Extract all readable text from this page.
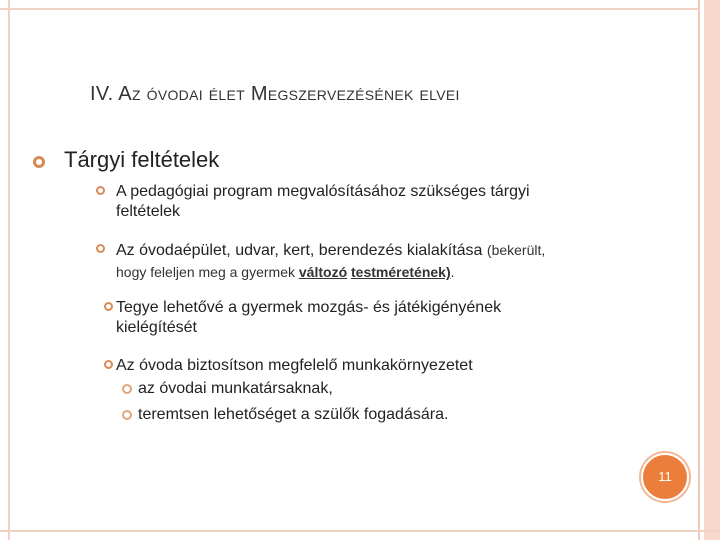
IV. AZ ÓVODAI ÉLET MEGSZERVEZÉSÉNEK ELVEI
Tárgyi feltételek
A pedagógiai program megvalósításához szükséges tárgyi
feltételek
Az óvodaépület, udvar, kert, berendezés kialakítása (bekerült,
hogy feleljen meg a gyermek változó testméretének).
Tegye lehetővé a gyermek mozgás- és játékigényének
kielégítését
Az óvoda biztosítson megfelelő munkakörnyezetet
az óvodai munkatársaknak,
teremtsen lehetőséget a szülők fogadására.
11
